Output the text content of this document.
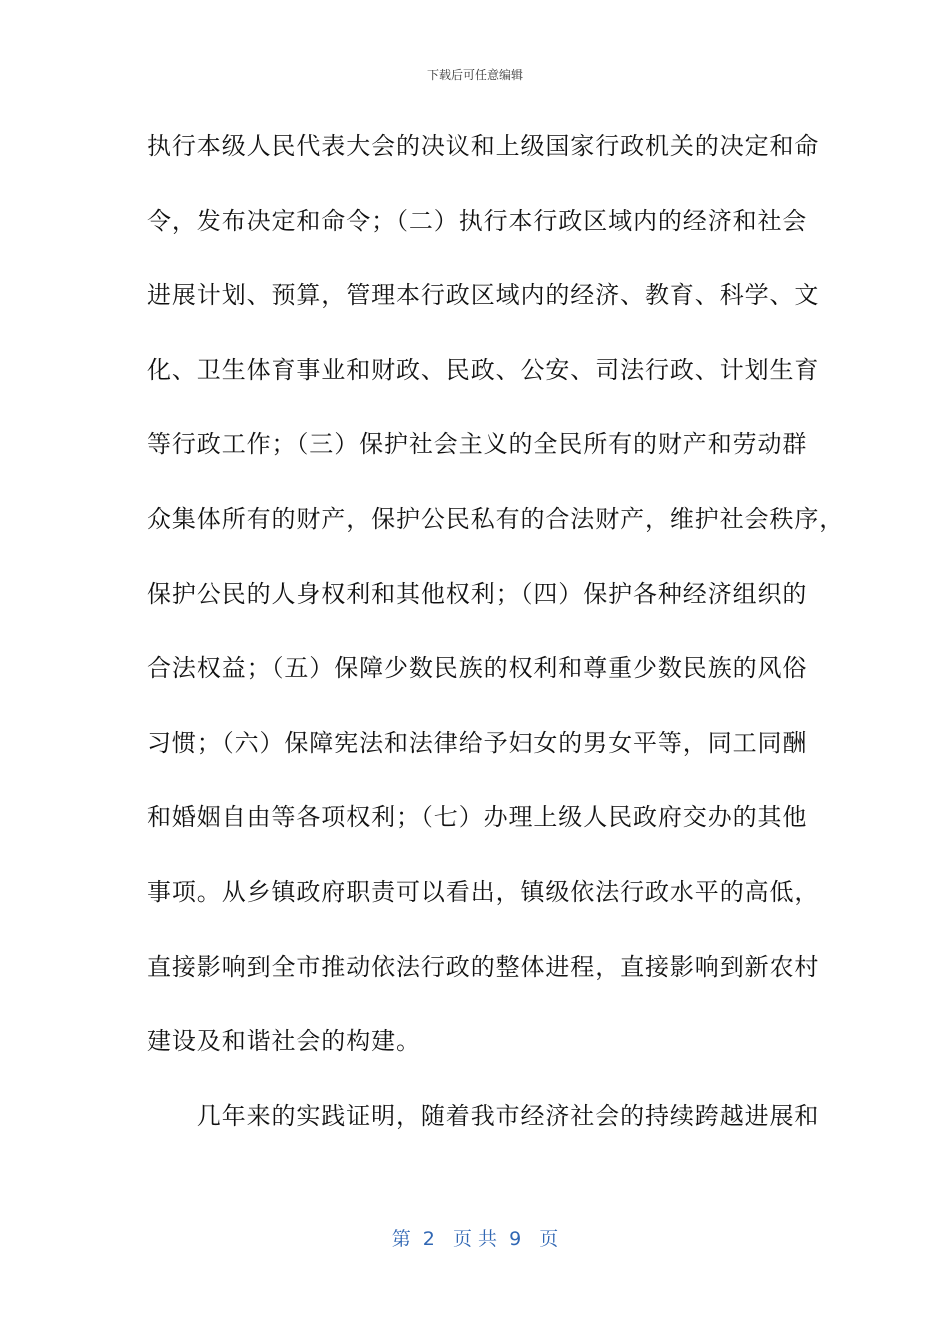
下载后可任意编辑
执行本级人民代表大会的决议和上级国家行政机关的决定和命
令，发布决定和命令；（二）执行本行政区域内的经济和社会
进展计划、预算，管理本行政区域内的经济、教育、科学、文
化、卫生体育事业和财政、民政、公安、司法行政、计划生育
等行政工作；（三）保护社会主义的全民所有的财产和劳动群
众集体所有的财产，保护公民私有的合法财产，维护社会秩序，
保护公民的人身权利和其他权利；（四）保护各种经济组织的
合法权益；（五）保障少数民族的权利和尊重少数民族的风俗
习惯；（六）保障宪法和法律给予妇女的男女平等，同工同酬
和婚姻自由等各项权利；（七）办理上级人民政府交办的其他
事项。从乡镇政府职责可以看出，镇级依法行政水平的高低，
直接影响到全市推动依法行政的整体进程，直接影响到新农村
建设及和谐社会的构建。
　　几年来的实践证明，随着我市经济社会的持续跨越进展和
第  2   页 共  9   页
